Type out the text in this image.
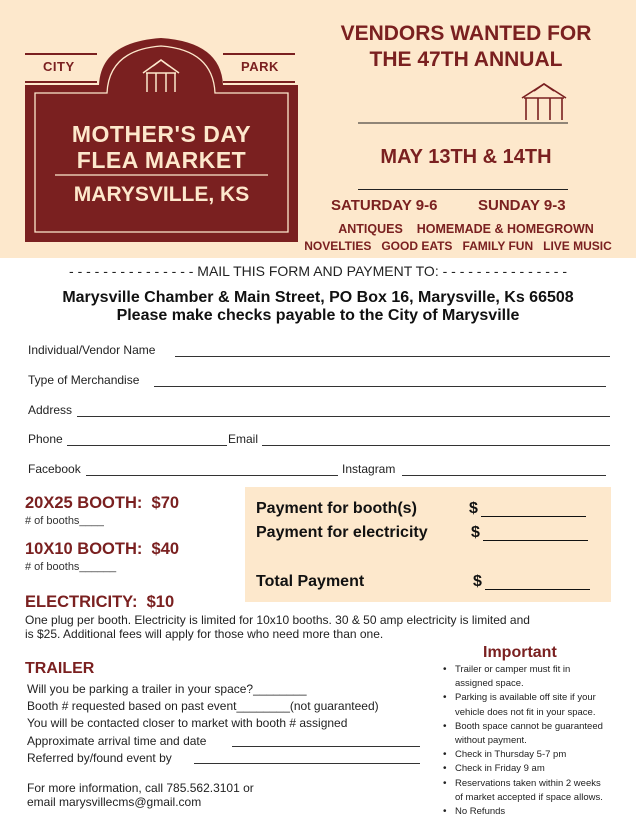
CITY	PARK
MOTHER'S DAY
FLEA MARKET
MARYSVILLE, KS
VENDORS WANTED FOR
THE 47TH ANNUAL
MAY 13TH & 14TH
SATURDAY 9-6	SUNDAY 9-3
ANTIQUES    HOMEMADE & HOMEGROWN
NOVELTIES   GOOD EATS   FAMILY FUN   LIVE MUSIC
- - - - - - - - - - - - - - - MAIL THIS FORM AND PAYMENT TO: - - - - - - - - - - - - - - -
Marysville Chamber & Main Street, PO Box 16, Marysville, Ks 66508
Please make checks payable to the City of Marysville
Individual/Vendor Name
Type of Merchandise
Address
Phone	Email
Facebook	Instagram
20X25 BOOTH:  $70
# of booths____
10X10 BOOTH:  $40
# of booths______
Payment for booth(s)	$
Payment for electricity	$
Total Payment	$
ELECTRICITY:  $10
One plug per booth. Electricity is limited for 10x10 booths. 30 & 50 amp electricity is limited and
is $25. Additional fees will apply for those who need more than one.
TRAILER
Will you be parking a trailer in your space?________
Booth # requested based on past event________(not guaranteed)
You will be contacted closer to market with booth # assigned
Approximate arrival time and date
Referred by/found event by
For more information, call 785.562.3101 or
email marysvillecms@gmail.com
Important
• Trailer or camper must fit in
assigned space.
• Parking is available off site if your
vehicle does not fit in your space.
• Booth space cannot be guaranteed
without payment.
• Check in Thursday 5-7 pm
• Check in Friday 9 am
• Reservations taken within 2 weeks
of market accepted if space allows.
• No Refunds
